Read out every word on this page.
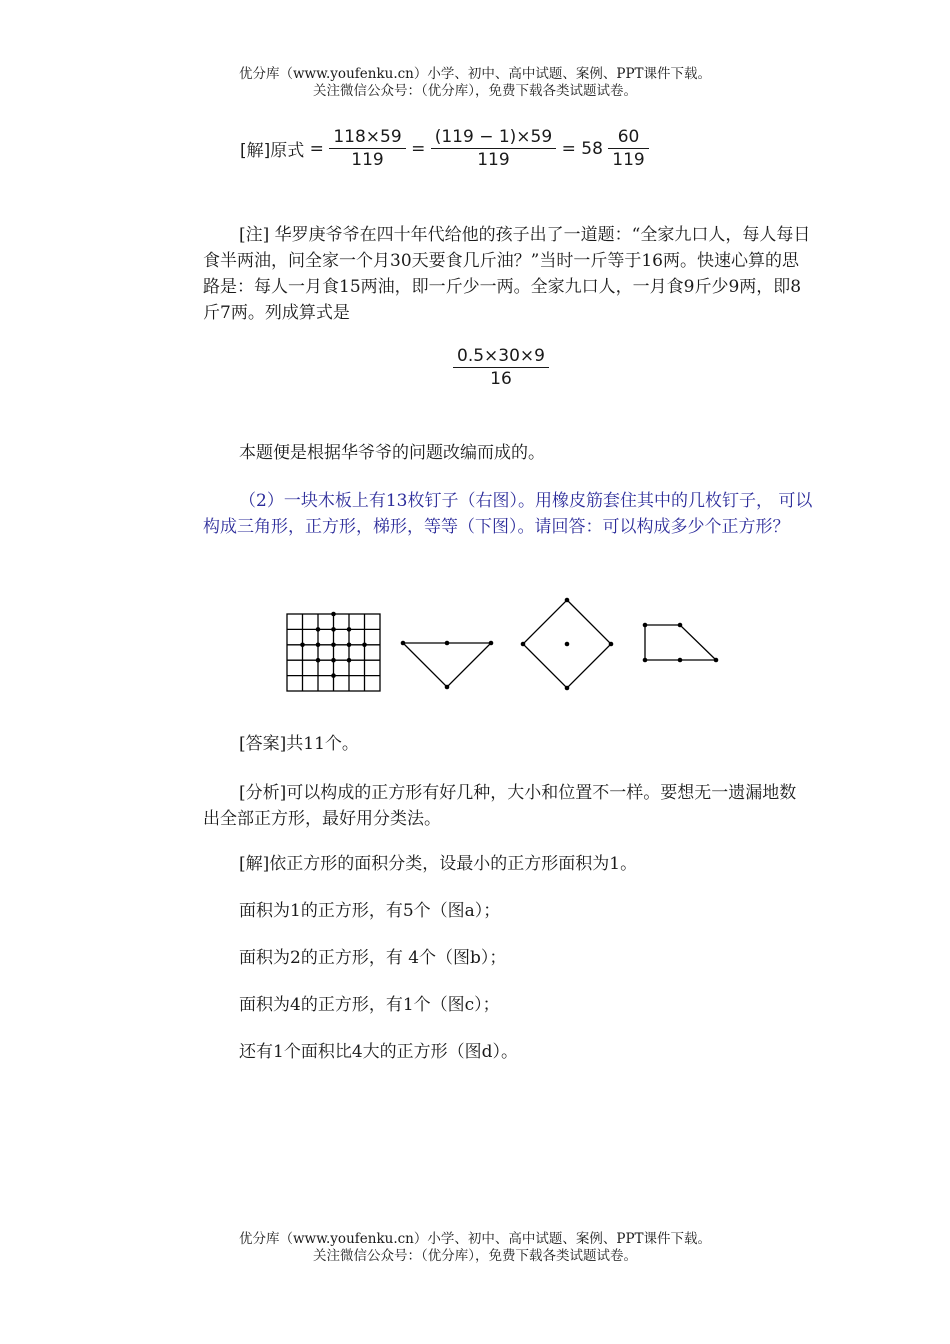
优分库（www.youfenku.cn）小学、初中、高中试题、案例、PPT课件下载。
关注微信公众号：（优分库），免费下载各类试题试卷。
[解]原式 = $\frac{118\times 59}{119} = \frac{(119 - 1)\times 59}{119} = 58 \frac{60}{119}$
[注] 华罗庚爷爷在四十年代给他的孩子出了一道题：“全家九口人，每人每日食半两油，问全家一个月30天要食几斤油？”当时一斤等于16两。快速心算的思路是：每人一月食15两油，即一斤少一两。全家九口人，一月食9斤少9两，即8斤7两。列成算式是
$\frac{0.5\times 30\times 9}{16}$
本题便是根据华爷爷的问题改编而成的。
（2）一块木板上有13枚钉子（右图）。用橡皮筋套住其中的几枚钉子， 可以构成三角形，正方形，梯形，等等（下图）。请回答：可以构成多少个正方形？
[答案]共11个。
[分析]可以构成的正方形有好几种，大小和位置不一样。要想无一遗漏地数出全部正方形，最好用分类法。
[解]依正方形的面积分类，设最小的正方形面积为1。
面积为1的正方形，有5个（图a）；
面积为2的正方形，有 4个（图b）；
面积为4的正方形，有1个（图c）；
还有1个面积比4大的正方形（图d）。
优分库（www.youfenku.cn）小学、初中、高中试题、案例、PPT课件下载。
关注微信公众号：（优分库），免费下载各类试题试卷。
